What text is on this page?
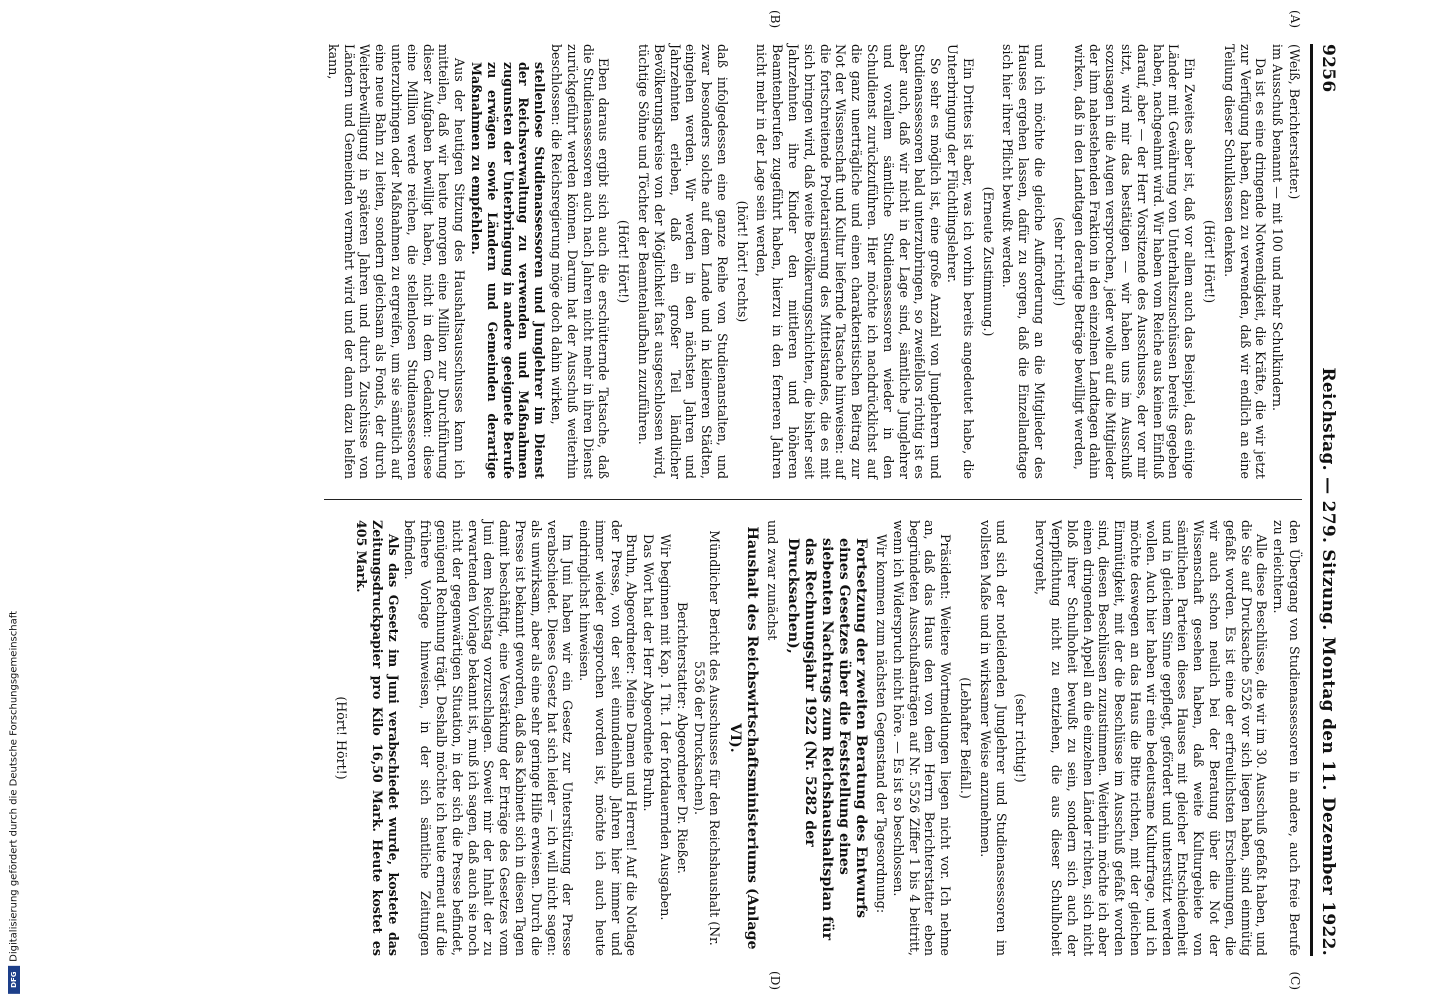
9256
Reichstag. — 279. Sitzung. Montag den 11. Dezember 1922.
(A)
(B)

(Weiß, Berichterstatter.)

im Ausschuß benannt — mit 100 und mehr Schulkindern.

Da ist es eine dringende Notwendigkeit, die Kräfte, die wir jetzt zur Verfügung haben, dazu zu verwenden, daß wir endlich an eine Teilung dieser Schulklassen denken.

(Hört! Hört!)

Ein Zweites aber ist, daß vor allem auch das Beispiel, das einige Länder mit Gewährung von Unterhaltszuschüssen bereits gegeben haben, nachgeahmt wird. Wir haben vom Reiche aus keinen Einfluß darauf, aber — der Herr Vorsitzende des Ausschusses, der vor mir sitzt, wird mir das bestätigen — wir haben uns im Ausschuß sozusagen in die Augen versprochen, jeder wolle auf die Mitglieder der ihm nahestehenden Fraktion in den einzelnen Landtagen dahin wirken, daß in den Landtagen derartige Beträge bewilligt werden,

(sehr richtig!)

und ich möchte die gleiche Aufforderung an die Mitglieder des Hauses ergehen lassen, dafür zu sorgen, daß die Einzellandtage sich hier ihrer Pflicht bewußt werden.

(Erneute Zustimmung.)

Ein Drittes ist aber, was ich vorhin bereits angedeutet habe, die Unterbringung der Flüchtlingslehrer.

So sehr es möglich ist, eine große Anzahl von Junglehrern und Studienassessoren bald unterzubringen, so zweifellos richtig ist es aber auch, daß wir nicht in der Lage sind, sämtliche Junglehrer und vorallem sämtliche Studienassessoren wieder in den Schuldienst zurückzuführen. Hier möchte ich nachdrücklichst auf die ganz unerträgliche und einen charakteristischen Beitrag zur Not der Wissenschaft und Kultur liefernde Tatsache hinweisen: auf die fortschreitende Proletarisierung des Mittelstandes, die es mit sich bringen wird, daß weite Bevölkerungsschichten, die bisher seit Jahrzehnten ihre Kinder den mittleren und höheren Beamtenberufen zugeführt haben, hierzu in den ferneren Jahren nicht mehr in der Lage sein werden,

(hört! hört! rechts)

daß infolgedessen eine ganze Reihe von Studienanstalten, und zwar besonders solche auf dem Lande und in kleineren Städten, eingehen werden. Wir werden in den nächsten Jahren und Jahrzehnten erleben, daß ein großer Teil ländlicher Bevölkerungskreise von der Möglichkeit fast ausgeschlossen wird, tüchtige Söhne und Töchter der Beamtenlaufbahn zuzuführen.

(Hört! Hört!)

Eben daraus ergibt sich auch die erschütternde Tatsache, daß die Studienassessoren auch nach Jahren nicht mehr in ihren Dienst zurückgeführt werden können. Darum hat der Ausschuß weiterhin beschlossen: die Reichsregierung möge doch dahin wirken,

stellenlose Studienassessoren und Junglehrer im Dienst der Reichsverwaltung zu verwenden und Maßnahmen zugunsten der Unterbringung in andere geeignete Berufe zu erwägen sowie Ländern und Gemeinden derartige Maßnahmen zu empfehlen.

Aus der heutigen Sitzung des Haushaltsausschusses kann ich mitteilen, daß wir heute morgen eine Million zur Durchführung dieser Aufgaben bewilligt haben, nicht in dem Gedanken: diese eine Million werde reichen, die stellenlosen Studienassessoren unterzubringen oder Maßnahmen zu ergreifen, um sie sämtlich auf eine neue Bahn zu leiten, sondern gleichsam als Fonds, der durch Weiterbewilligung in späteren Jahren und durch Zuschüsse von Ländern und Gemeinden vermehrt wird und der dann dazu helfen kann,

(C)
(D)

den Übergang von Studienassessoren in andere, auch freie Berufe zu erleichtern.

Alle diese Beschlüsse, die wir im 30. Ausschuß gefaßt haben, und die Sie auf Drucksache 5526 vor sich liegen haben, sind einmütig gefaßt worden. Es ist eine der erfreulichsten Erscheinungen, die wir auch schon neulich bei der Beratung über die Not der Wissenschaft gesehen haben, daß weite Kulturgebiete von sämtlichen Parteien dieses Hauses mit gleicher Entschiedenheit und in gleichem Sinne gepflegt, gefördert und unterstützt werden wollen. Auch hier haben wir eine bedeutsame Kulturfrage, und ich möchte deswegen an das Haus die Bitte richten, mit der gleichen Einmütigkeit, mit der die Beschlüsse im Ausschuß gefaßt worden sind, diesen Beschlüssen zuzustimmen. Weiterhin möchte ich aber einen dringenden Appell an die einzelnen Länder richten, sich nicht bloß ihrer Schulhoheit bewußt zu sein, sondern sich auch der Verpflichtung nicht zu entziehen, die aus dieser Schulhoheit hervorgeht,

(sehr richtig!)

und sich der notleidenden Junglehrer und Studienassessoren im vollsten Maße und in wirksamer Weise anzunehmen.

(Lebhafter Beifall.)

Präsident: Weitere Wortmeldungen liegen nicht vor. Ich nehme an, daß das Haus den von dem Herrn Berichterstatter eben begründeten Ausschußanträgen auf Nr. 5526 Ziffer 1 bis 4 beitritt, wenn ich Widerspruch nicht höre. — Es ist so beschlossen.

Wir kommen zum nächsten Gegenstand der Tagesordnung:

Fortsetzung der zweiten Beratung des Entwurfs eines Gesetzes über die Feststellung eines siebenten Nachtrags zum Reichshaushaltsplan für das Rechnungsjahr 1922 (Nr. 5282 der Drucksachen),

und zwar zunächst

Haushalt des Reichswirtschaftsministeriums (Anlage VI).

Mündlicher Bericht des Ausschusses für den Reichshaushalt (Nr. 5536 der Drucksachen).

Berichterstatter: Abgeordneter Dr. Rießer.

Wir beginnen mit Kap. 1 Tit. 1 der fortdauernden Ausgaben.

Das Wort hat der Herr Abgeordnete Bruhn.

Bruhn, Abgeordneter: Meine Damen und Herren! Auf die Notlage der Presse, von der seit einundeinhalb Jahren hier immer und immer wieder gesprochen worden ist, möchte ich auch heute eindringlichst hinweisen.

Im Juni haben wir ein Gesetz zur Unterstützung der Presse verabschiedet. Dieses Gesetz hat sich leider — ich will nicht sagen: als unwirksam, aber als eine sehr geringe Hilfe erwiesen. Durch die Presse ist bekannt geworden, daß das Kabinett sich in diesen Tagen damit beschäftigt, eine Verstärkung der Erträge des Gesetzes vom Juni dem Reichstag vorzuschlagen. Soweit mir der Inhalt der zu erwartenden Vorlage bekannt ist, muß ich sagen, daß auch sie noch nicht der gegenwärtigen Situation, in der sich die Presse befindet, genügend Rechnung trägt. Deshalb möchte ich heute erneut auf die frühere Vorlage hinweisen, in der sich sämtliche Zeitungen befinden.

Als das Gesetz im Juni verabschiedet wurde, kostete das Zeitungsdruckpapier pro Kilo 16,50 Mark. Heute kostet es 405 Mark.

(Hört! Hört!)

DFG
Digitalisierung gefördert durch die Deutsche Forschungsgemeinschaft
